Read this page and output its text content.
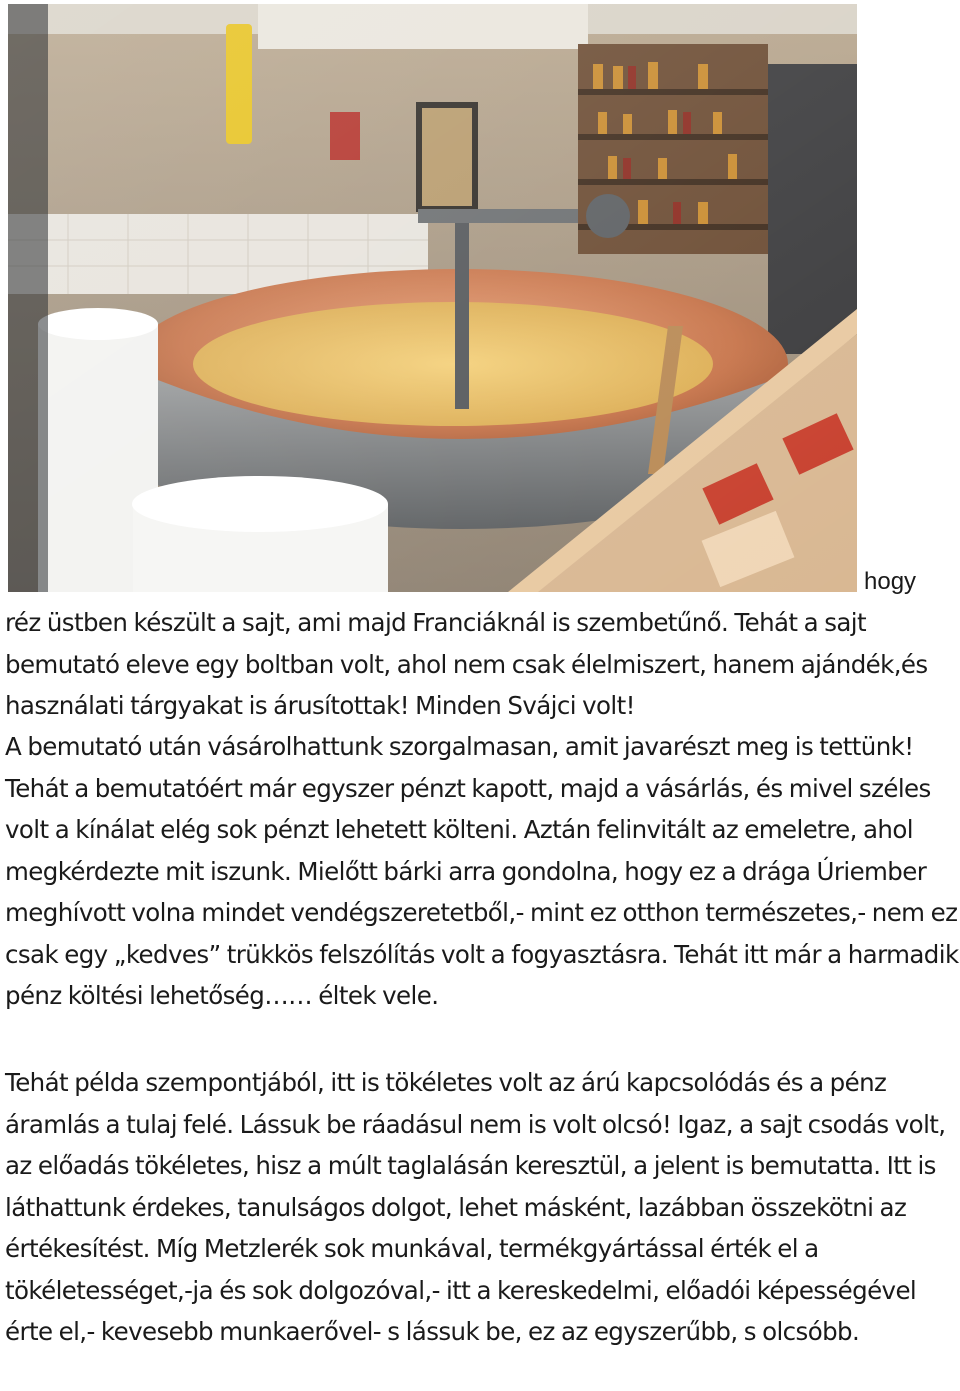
hogy

réz üstben készült a sajt, ami majd Franciáknál is szembetűnő. Tehát a sajt bemutató eleve egy boltban volt, ahol nem csak élelmiszert, hanem ajándék,és használati tárgyakat is árusítottak! Minden Svájci volt!

A bemutató után vásárolhattunk szorgalmasan, amit javarészt meg is tettünk! Tehát a bemutatóért már egyszer pénzt kapott, majd a vásárlás, és mivel széles volt a kínálat elég sok pénzt lehetett költeni. Aztán felinvitált az emeletre, ahol megkérdezte mit iszunk. Mielőtt bárki arra gondolna, hogy ez a drága Úriember meghívott volna mindet vendégszeretetből,- mint ez otthon természetes,- nem ez csak egy „kedves” trükkös felszólítás volt a fogyasztásra. Tehát itt már a harmadik pénz költési lehetőség…… éltek vele.

Tehát példa szempontjából, itt is tökéletes volt az árú kapcsolódás és a pénz áramlás a tulaj felé. Lássuk be ráadásul nem is volt olcsó! Igaz, a sajt csodás volt, az előadás tökéletes, hisz a múlt taglalásán keresztül, a jelent is bemutatta. Itt is láthattunk érdekes, tanulságos dolgot, lehet másként, lazábban összekötni az értékesítést. Míg Metzlerék sok munkával, termékgyártással érték el a tökéletességet,-ja és sok dolgozóval,- itt a kereskedelmi, előadói képességével érte el,- kevesebb munkaerővel- s lássuk be, ez az egyszerűbb, s olcsóbb.
